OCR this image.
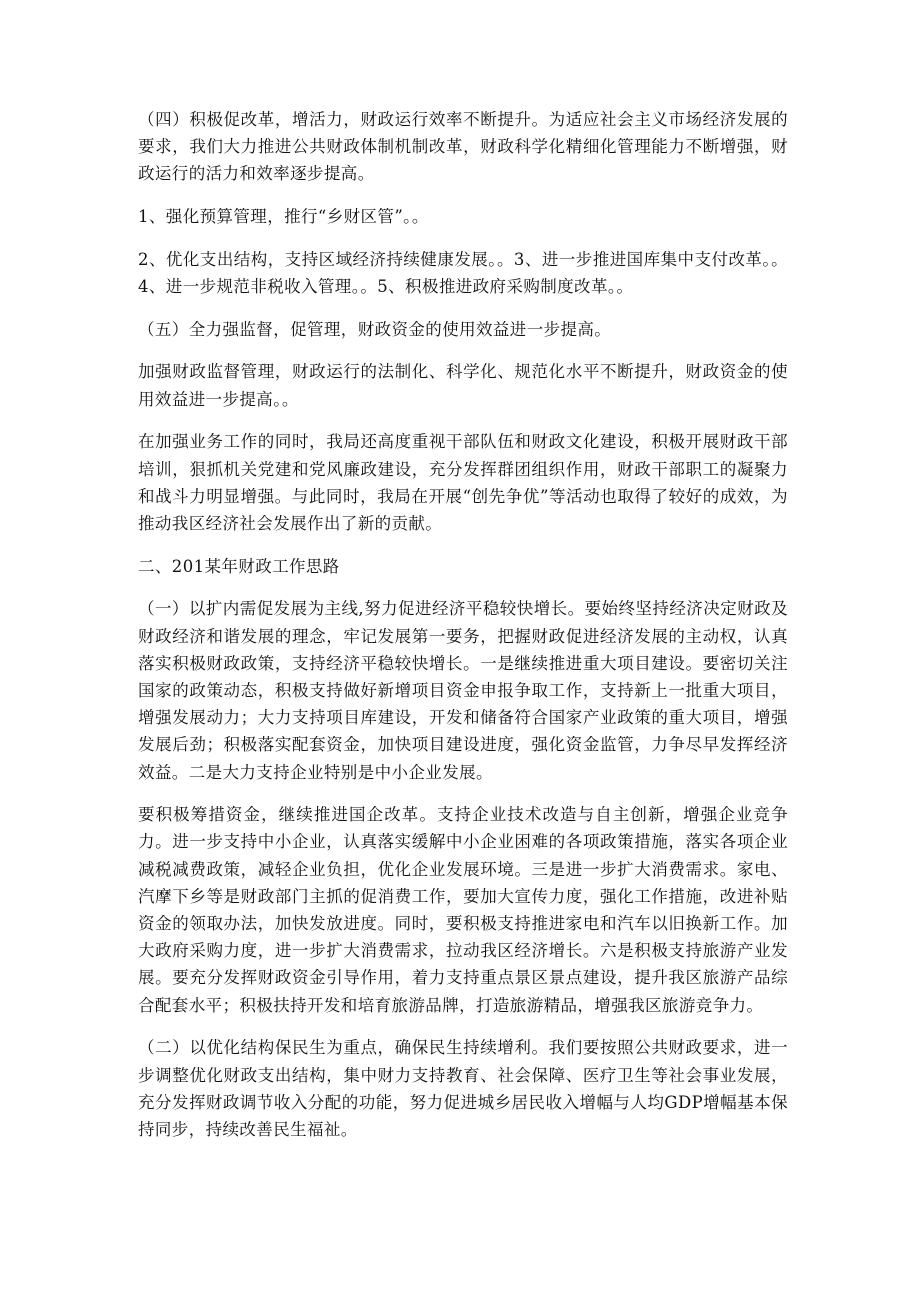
（四）积极促改革，增活力，财政运行效率不断提升。为适应社会主义市场经济发展的要求，我们大力推进公共财政体制机制改革，财政科学化精细化管理能力不断增强，财政运行的活力和效率逐步提高。

1、强化预算管理，推行“乡财区管”。。

2、优化支出结构，支持区域经济持续健康发展。。3、进一步推进国库集中支付改革。。4、进一步规范非税收入管理。。5、积极推进政府采购制度改革。。

（五）全力强监督，促管理，财政资金的使用效益进一步提高。

加强财政监督管理，财政运行的法制化、科学化、规范化水平不断提升，财政资金的使用效益进一步提高。。

在加强业务工作的同时，我局还高度重视干部队伍和财政文化建设，积极开展财政干部培训，狠抓机关党建和党风廉政建设，充分发挥群团组织作用，财政干部职工的凝聚力和战斗力明显增强。与此同时，我局在开展“创先争优”等活动也取得了较好的成效，为推动我区经济社会发展作出了新的贡献。

二、201某年财政工作思路

（一）以扩内需促发展为主线,努力促进经济平稳较快增长。要始终坚持经济决定财政及财政经济和谐发展的理念，牢记发展第一要务，把握财政促进经济发展的主动权，认真落实积极财政政策，支持经济平稳较快增长。一是继续推进重大项目建设。要密切关注国家的政策动态，积极支持做好新增项目资金申报争取工作，支持新上一批重大项目，增强发展动力；大力支持项目库建设，开发和储备符合国家产业政策的重大项目，增强发展后劲；积极落实配套资金，加快项目建设进度，强化资金监管，力争尽早发挥经济效益。二是大力支持企业特别是中小企业发展。

要积极筹措资金，继续推进国企改革。支持企业技术改造与自主创新，增强企业竞争力。进一步支持中小企业，认真落实缓解中小企业困难的各项政策措施，落实各项企业减税减费政策，减轻企业负担，优化企业发展环境。三是进一步扩大消费需求。家电、汽摩下乡等是财政部门主抓的促消费工作，要加大宣传力度，强化工作措施，改进补贴资金的领取办法，加快发放进度。同时，要积极支持推进家电和汽车以旧换新工作。加大政府采购力度，进一步扩大消费需求，拉动我区经济增长。六是积极支持旅游产业发展。要充分发挥财政资金引导作用，着力支持重点景区景点建设，提升我区旅游产品综合配套水平；积极扶持开发和培育旅游品牌，打造旅游精品，增强我区旅游竞争力。

（二）以优化结构保民生为重点，确保民生持续增利。我们要按照公共财政要求，进一步调整优化财政支出结构，集中财力支持教育、社会保障、医疗卫生等社会事业发展，充分发挥财政调节收入分配的功能，努力促进城乡居民收入增幅与人均GDP增幅基本保持同步，持续改善民生福祉。
